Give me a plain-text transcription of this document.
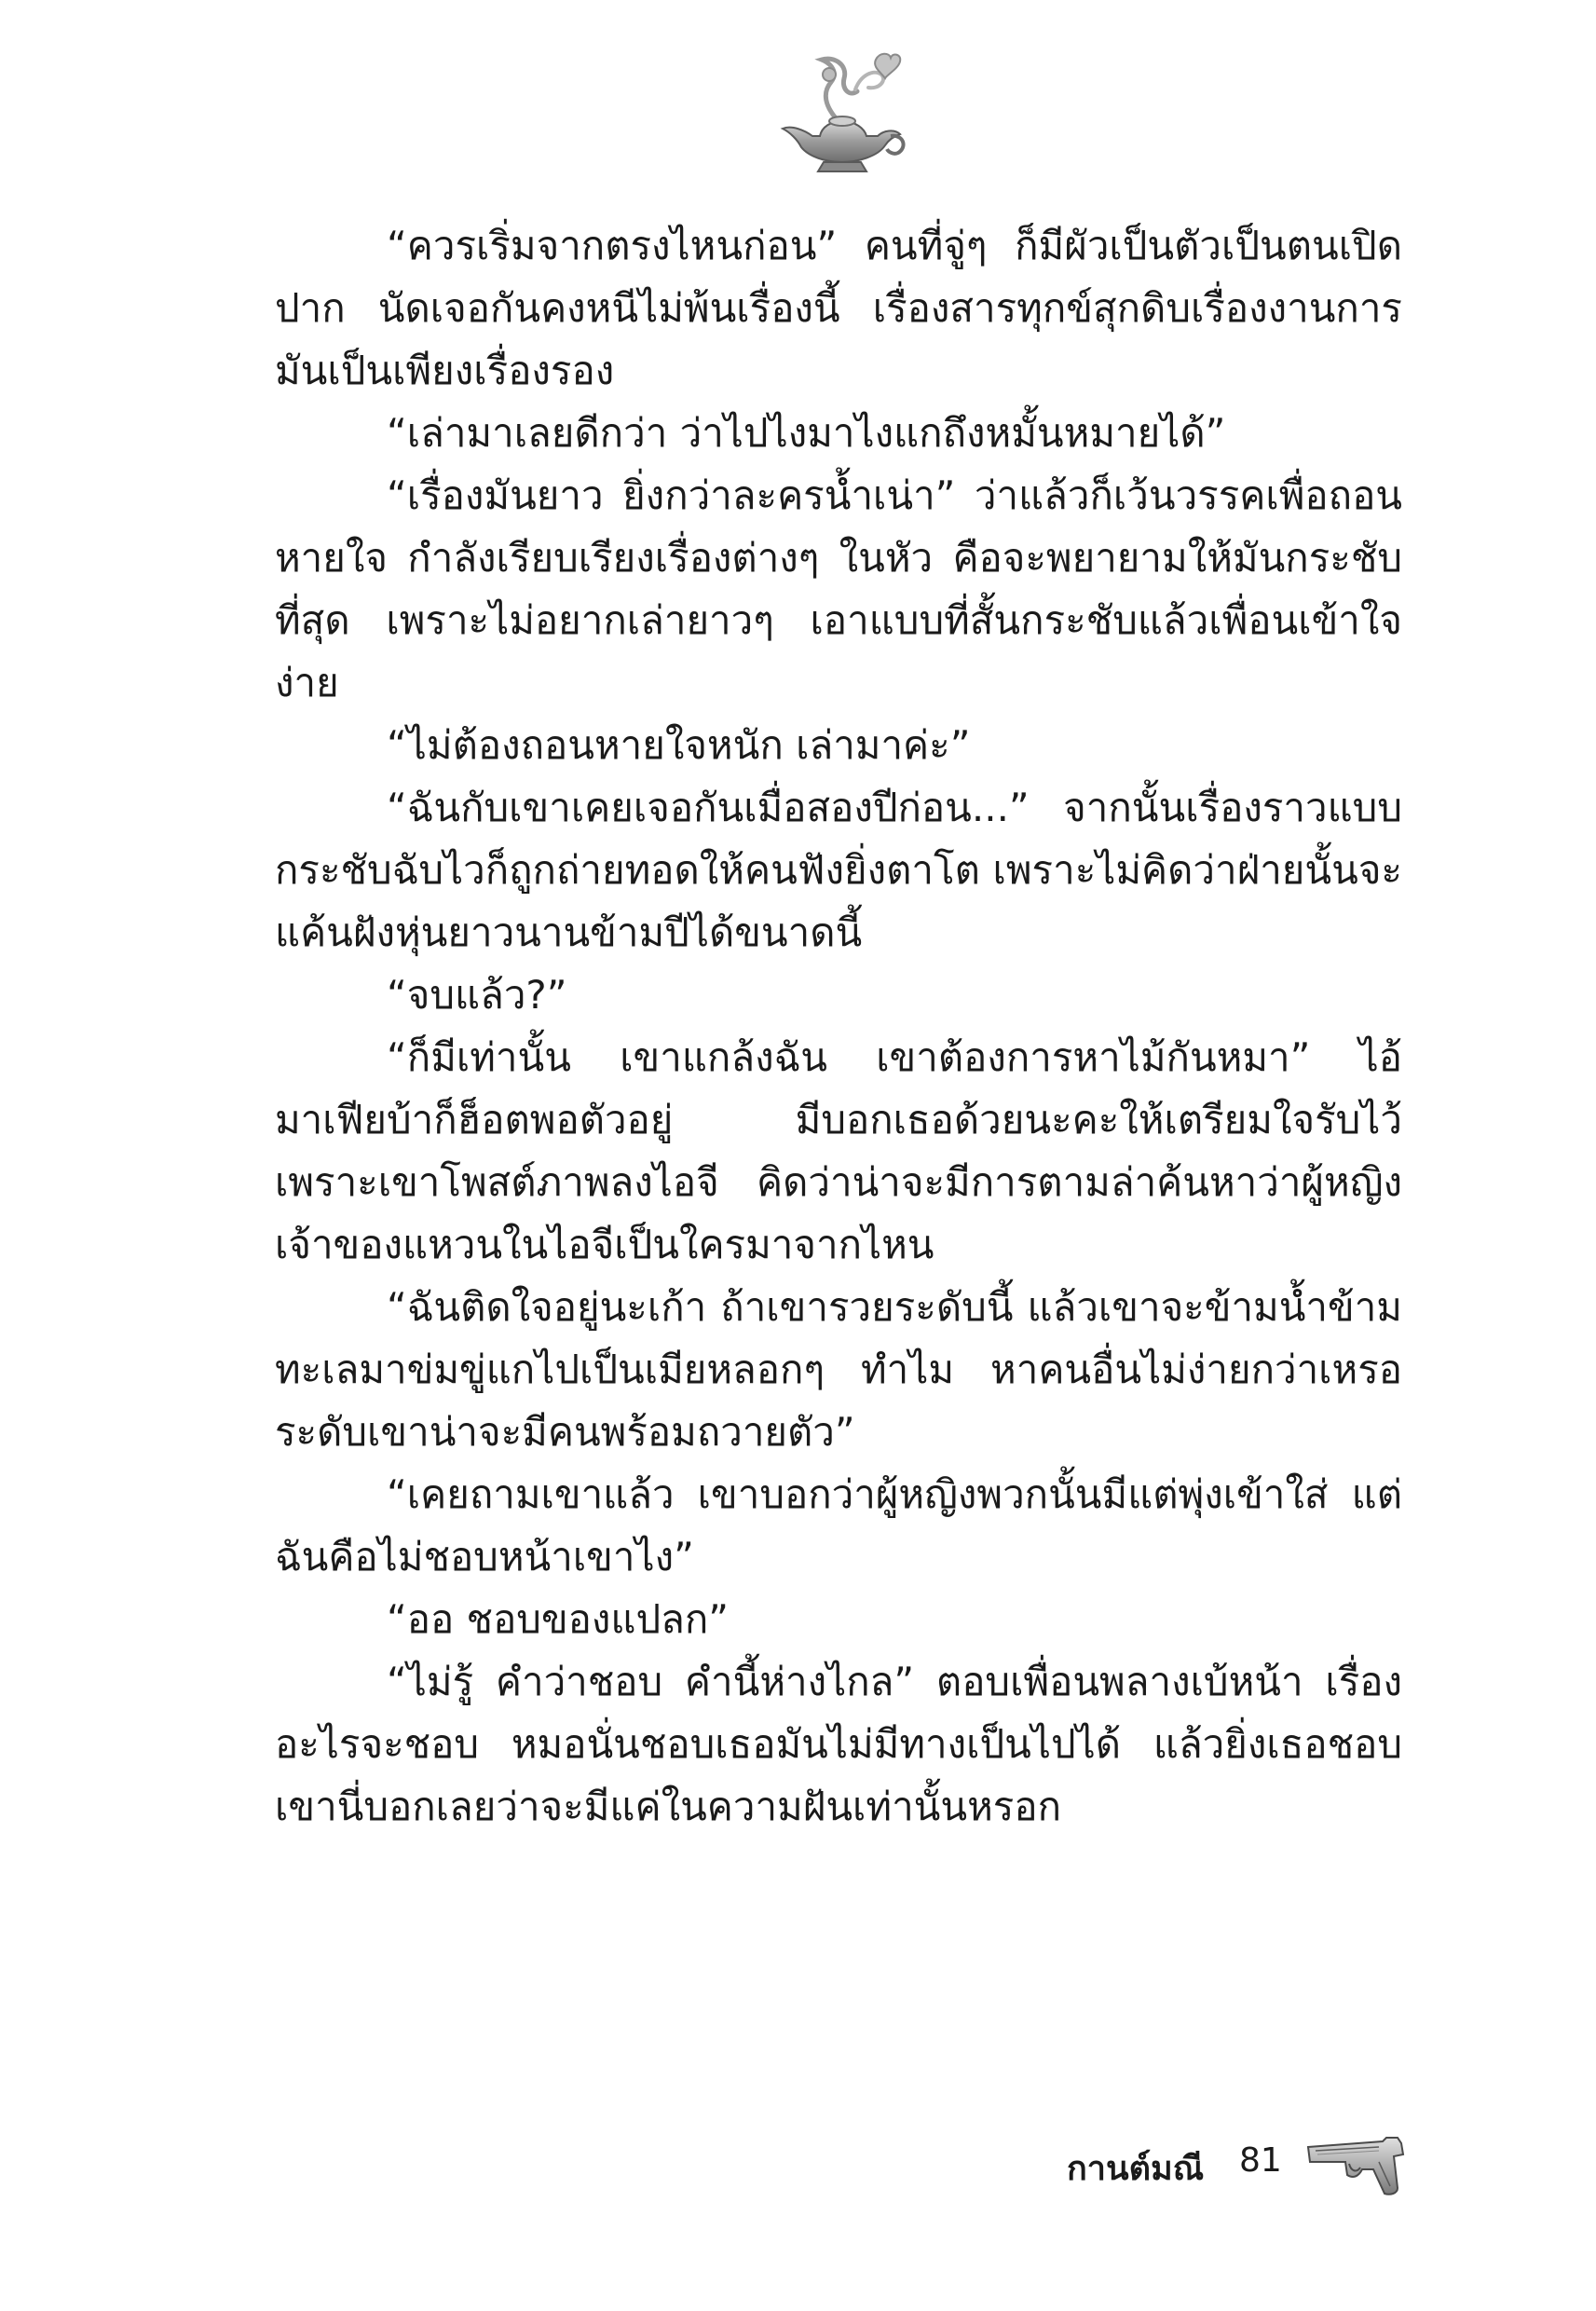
“ควรเริ่มจากตรงไหนก่อน” คนที่จู่ๆ ก็มีผัวเป็นตัวเป็นตนเปิดปาก นัดเจอกันคงหนีไม่พ้นเรื่องนี้ เรื่องสารทุกข์สุกดิบเรื่องงานการมันเป็นเพียงเรื่องรอง

“เล่ามาเลยดีกว่า ว่าไปไงมาไงแกถึงหมั้นหมายได้”

“เรื่องมันยาว ยิ่งกว่าละครน้ำเน่า” ว่าแล้วก็เว้นวรรคเพื่อถอนหายใจ กำลังเรียบเรียงเรื่องต่างๆ ในหัว คือจะพยายามให้มันกระชับที่สุด เพราะไม่อยากเล่ายาวๆ เอาแบบที่สั้นกระชับแล้วเพื่อนเข้าใจง่าย

“ไม่ต้องถอนหายใจหนัก เล่ามาค่ะ”

“ฉันกับเขาเคยเจอกันเมื่อสองปีก่อน...” จากนั้นเรื่องราวแบบกระชับฉับไวก็ถูกถ่ายทอดให้คนฟังยิ่งตาโต เพราะไม่คิดว่าฝ่ายนั้นจะแค้นฝังหุ่นยาวนานข้ามปีได้ขนาดนี้

“จบแล้ว?”

“ก็มีเท่านั้น เขาแกล้งฉัน เขาต้องการหาไม้กันหมา” ไอ้มาเฟียบ้าก็ฮ็อตพอตัวอยู่ มีบอกเธอด้วยนะคะให้เตรียมใจรับไว้ เพราะเขาโพสต์ภาพลงไอจี คิดว่าน่าจะมีการตามล่าค้นหาว่าผู้หญิงเจ้าของแหวนในไอจีเป็นใครมาจากไหน

“ฉันติดใจอยู่นะเก้า ถ้าเขารวยระดับนี้ แล้วเขาจะข้ามน้ำข้ามทะเลมาข่มขู่แกไปเป็นเมียหลอกๆ ทำไม หาคนอื่นไม่ง่ายกว่าเหรอ ระดับเขาน่าจะมีคนพร้อมถวายตัว”

“เคยถามเขาแล้ว เขาบอกว่าผู้หญิงพวกนั้นมีแต่พุ่งเข้าใส่ แต่ฉันคือไม่ชอบหน้าเขาไง”

“ออ ชอบของแปลก”

“ไม่รู้ คำว่าชอบ คำนี้ห่างไกล” ตอบเพื่อนพลางเบ้หน้า เรื่องอะไรจะชอบ หมอนั่นชอบเธอมันไม่มีทางเป็นไปได้ แล้วยิ่งเธอชอบเขานี่บอกเลยว่าจะมีแค่ในความฝันเท่านั้นหรอก

กานต์มณี 81
